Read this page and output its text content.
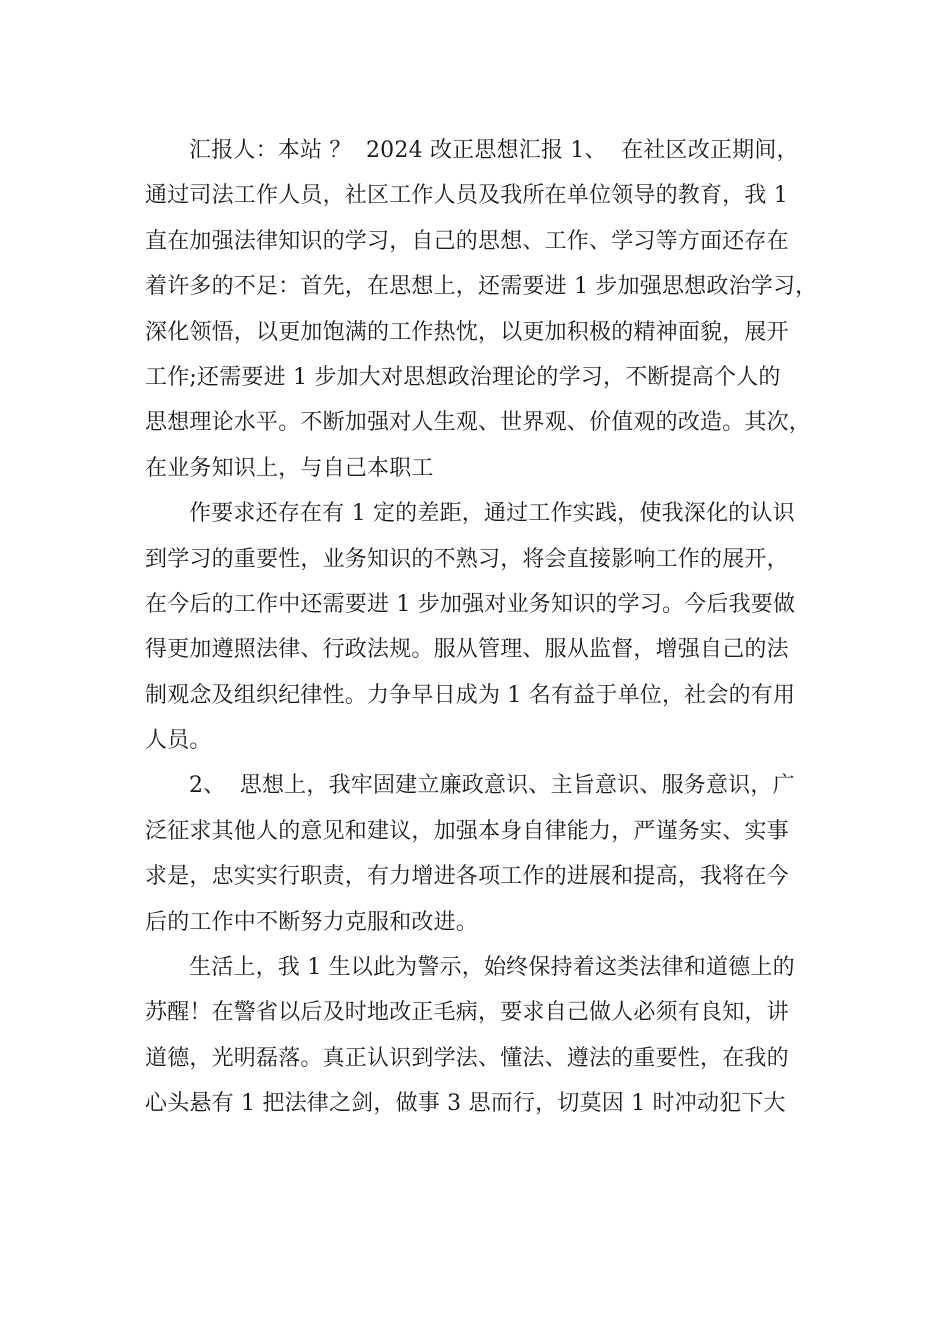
汇报人：本站 ？  2024 改正思想汇报 1、  在社区改正期间，
通过司法工作人员，社区工作人员及我所在单位领导的教育，我 1
直在加强法律知识的学习，自己的思想、工作、学习等方面还存在
着许多的不足：首先，在思想上，还需要进 1 步加强思想政治学习，
深化领悟，以更加饱满的工作热忱，以更加积极的精神面貌，展开
工作;还需要进 1 步加大对思想政治理论的学习，不断提高个人的
思想理论水平。不断加强对人生观、世界观、价值观的改造。其次，
在业务知识上，与自己本职工
作要求还存在有 1 定的差距，通过工作实践，使我深化的认识
到学习的重要性，业务知识的不熟习，将会直接影响工作的展开，
在今后的工作中还需要进 1 步加强对业务知识的学习。今后我要做
得更加遵照法律、行政法规。服从管理、服从监督，增强自己的法
制观念及组织纪律性。力争早日成为 1 名有益于单位，社会的有用
人员。
2、  思想上，我牢固建立廉政意识、主旨意识、服务意识，广
泛征求其他人的意见和建议，加强本身自律能力，严谨务实、实事
求是，忠实实行职责，有力增进各项工作的进展和提高，我将在今
后的工作中不断努力克服和改进。
生活上，我 1 生以此为警示，始终保持着这类法律和道德上的
苏醒！在警省以后及时地改正毛病，要求自己做人必须有良知，讲
道德，光明磊落。真正认识到学法、懂法、遵法的重要性，在我的
心头悬有 1 把法律之剑，做事 3 思而行，切莫因 1 时冲动犯下大
